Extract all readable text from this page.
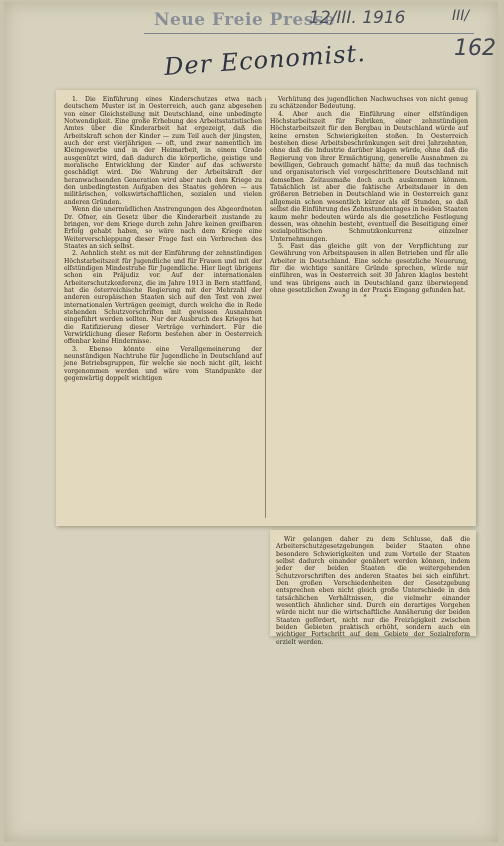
Neue Freie Presse
12/III. 1916	III/
162
Der Economist.

1. Die Einführung eines Kinderschutzes etwa nach deutschem Muster ist in Oesterreich, auch ganz abgesehen von einer Gleichstellung mit Deutschland, eine unbedingte Notwendigkeit. Eine große Erhebung des Arbeitsstatistischen Amtes über die Kinderarbeit hat ergezeigt, daß die Arbeitskraft schon der Kinder — zum Teil auch der jüngsten, auch der erst vierjährigen — oft, und zwar namentlich im Kleingewerbe und in der Heimarbeit, in einem Grade ausgenützt wird, daß dadurch die körperliche, geistige und moralische Entwicklung der Kinder auf das schwerste geschädigt wird. Die Wahrung der Arbeitskraft der heranwachsenden Generation wird aber nach dem Kriege zu den unbedingtesten Aufgaben des Staates gehören — aus militärischen, volkswirtschaftlichen, sozialen und vielen anderen Gründen.

Wenn die unermüdlichen Anstrengungen des Abgeordneten Dr. Ofner, ein Gesetz über die Kinderarbeit zustande zu bringen, vor dem Kriege durch zehn Jahre keinen greifbaren Erfolg gehabt haben, so wäre nach dem Kriege eine Weiterverschleppung dieser Frage fast ein Verbrechen des Staates an sich selbst.

2. Aehnlich steht es mit der Einführung der zehnstündigen Höchstarbeitszeit für Jugendliche und für Frauen und mit der elfstündigen Mindestruhe für Jugendliche. Hier liegt übrigens schon ein Präjudiz vor. Auf der internationalen Arbeiterschutzkonferenz, die im Jahre 1913 in Bern stattfand, hat die österreichische Regierung mit der Mehrzahl der anderen europäischen Staaten sich auf den Text von zwei internationalen Verträgen geeinigt, durch welche die in Rede stehenden Schutzvorschriften mit gewissen Ausnahmen eingeführt werden sollten. Nur der Ausbruch des Krieges hat die Ratifizierung dieser Verträge verhindert. Für die Verwirklichung dieser Reform bestehen aber in Oesterreich offenbar keine Hindernisse.

3. Ebenso könnte eine Verallgemeinerung der neunstündigen Nachtruhe für Jugendliche in Deutschland auf jene Betriebsgruppen, für welche sie noch nicht gilt, leicht vorgenommen werden und wäre vom Standpunkte der gegenwärtig doppelt wichtigen

Verhütung des jugendlichen Nachwuchses von nicht genug zu schätzender Bedeutung.

4. Aber auch die Einführung einer elfstündigen Höchstarbeitszeit für Fabriken, einer zehnstündigen Höchstarbeitszeit für den Bergbau in Deutschland würde auf keine ernsten Schwierigkeiten stoßen. In Oesterreich bestehen diese Arbeitsbeschränkungen seit drei Jahrzehnten, ohne daß die Industrie darüber klagen würde, ohne daß die Regierung von ihrer Ermächtigung, generelle Ausnahmen zu bewilligen, Gebrauch gemacht hätte; da muß das technisch und organisatorisch viel vorgeschrittenere Deutschland mit demselben Zeitausmaße doch auch auskommen können. Tatsächlich ist aber die faktische Arbeitsdauer in den größeren Betrieben in Deutschland wie in Oesterreich ganz allgemein schon wesentlich kürzer als elf Stunden, so daß selbst die Einführung des Zehnstundentages in beiden Staaten kaum mehr bedeuten würde als die gesetzliche Festlegung dessen, was ohnehin besteht, eventuell die Beseitigung einer sozialpolitischen Schmutzkonkurrenz einzelner Unternehmungen.

5. Fast das gleiche gilt von der Verpflichtung zur Gewährung von Arbeitspausen in allen Betrieben und für alle Arbeiter in Deutschland. Eine solche gesetzliche Neuerung, für die wichtige sanitäre Gründe sprechen, würde nur einführen, was in Oesterreich seit 30 Jahren klaglos besteht und was übrigens auch in Deutschland ganz überwiegend ohne gesetzlichen Zwang in der Praxis Eingang gefunden hat.

* * *

Wir gelangen daher zu dem Schlusse, daß die Arbeiterschutzgesetzgebungen beider Staaten ohne besondere Schwierigkeiten und zum Vorteile der Staaten selbst dadurch einander genähert werden können, indem jeder der beiden Staaten die weitergehenden Schutzvorschriften des anderen Staates bei sich einführt. Den großen Verschiedenheiten der Gesetzgebung entsprechen eben nicht gleich große Unterschiede in den tatsächlichen Verhältnissen, die vielmehr einander wesentlich ähnlicher sind. Durch ein derartiges Vorgehen würde nicht nur die wirtschaftliche Annäherung der beiden Staaten gefördert, nicht nur die Freizügigkeit zwischen beiden Gebieten praktisch erhöht, sondern auch ein wichtiger Fortschritt auf dem Gebiete der Sozialreform erzielt werden.
